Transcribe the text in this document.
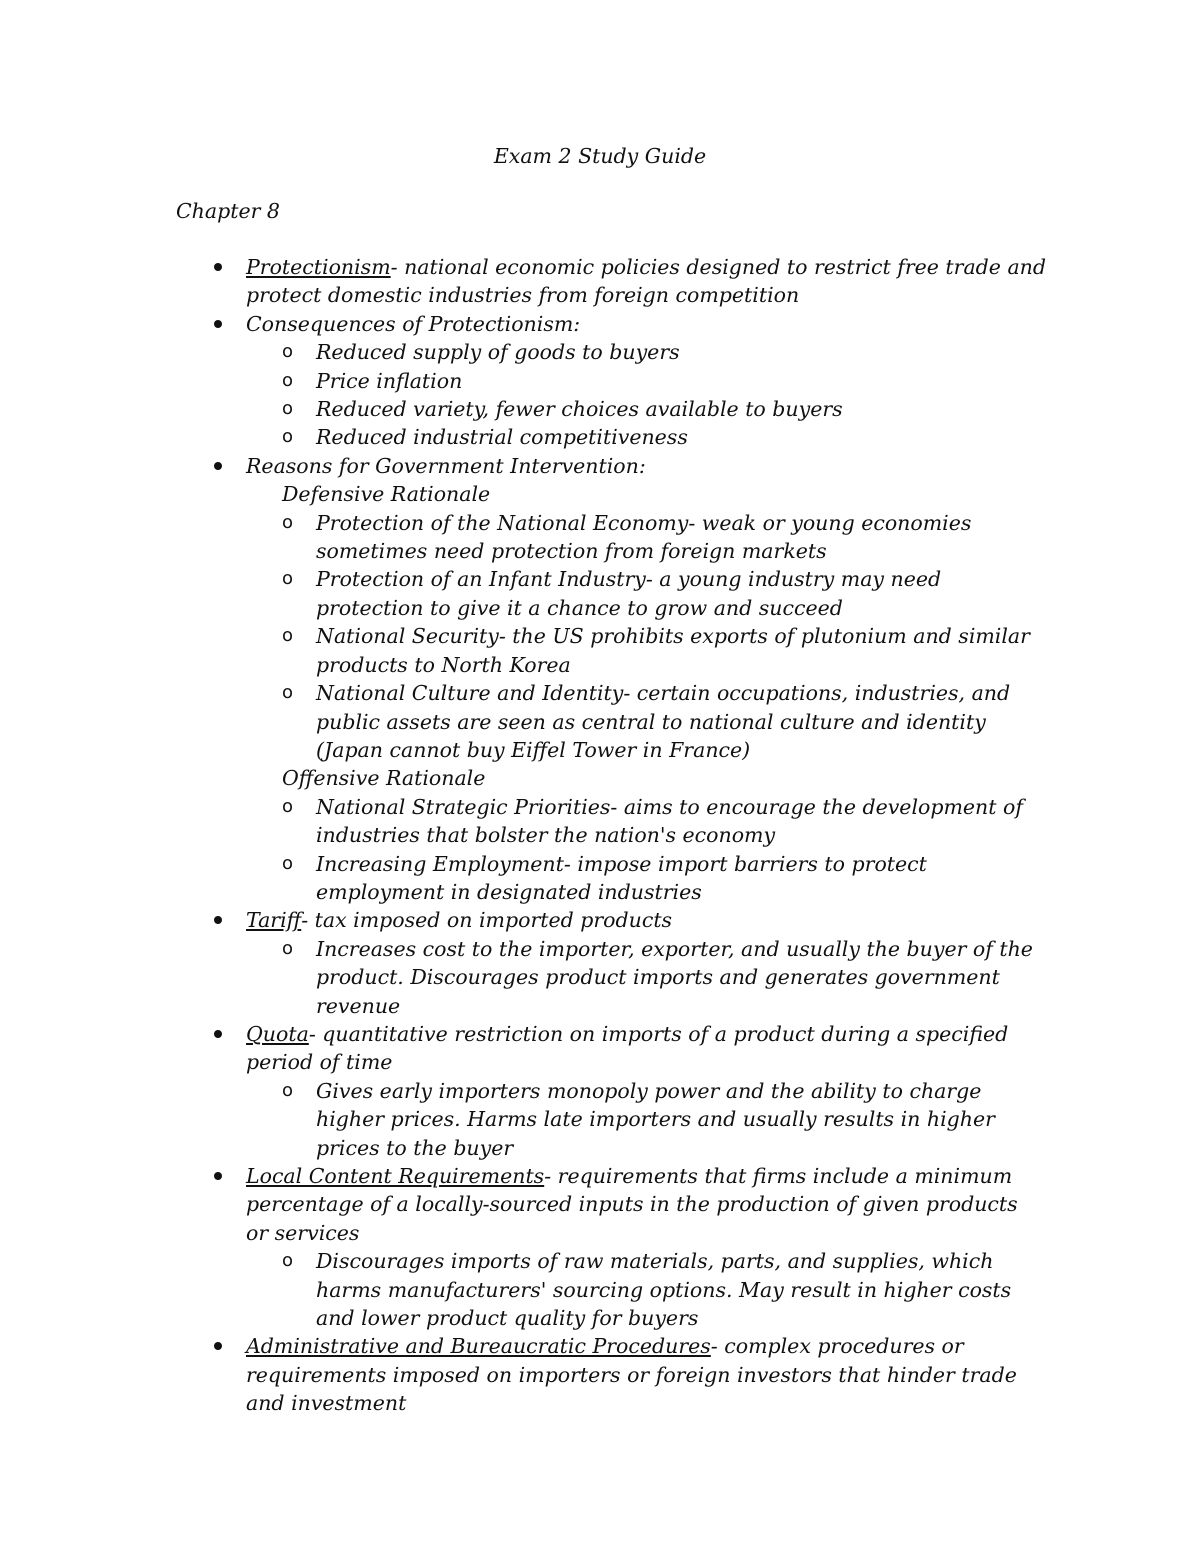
Exam 2 Study Guide
Chapter 8
Protectionism- national economic policies designed to restrict free trade and protect domestic industries from foreign competition
Consequences of Protectionism:
o Reduced supply of goods to buyers
o Price inflation
o Reduced variety, fewer choices available to buyers
o Reduced industrial competitiveness
Reasons for Government Intervention:
Defensive Rationale
o Protection of the National Economy- weak or young economies sometimes need protection from foreign markets
o Protection of an Infant Industry- a young industry may need protection to give it a chance to grow and succeed
o National Security- the US prohibits exports of plutonium and similar products to North Korea
o National Culture and Identity- certain occupations, industries, and public assets are seen as central to national culture and identity (Japan cannot buy Eiffel Tower in France)
Offensive Rationale
o National Strategic Priorities- aims to encourage the development of industries that bolster the nation's economy
o Increasing Employment- impose import barriers to protect employment in designated industries
Tariff- tax imposed on imported products
o Increases cost to the importer, exporter, and usually the buyer of the product. Discourages product imports and generates government revenue
Quota- quantitative restriction on imports of a product during a specified period of time
o Gives early importers monopoly power and the ability to charge higher prices. Harms late importers and usually results in higher prices to the buyer
Local Content Requirements- requirements that firms include a minimum percentage of a locally-sourced inputs in the production of given products or services
o Discourages imports of raw materials, parts, and supplies, which harms manufacturers' sourcing options. May result in higher costs and lower product quality for buyers
Administrative and Bureaucratic Procedures- complex procedures or requirements imposed on importers or foreign investors that hinder trade and investment
